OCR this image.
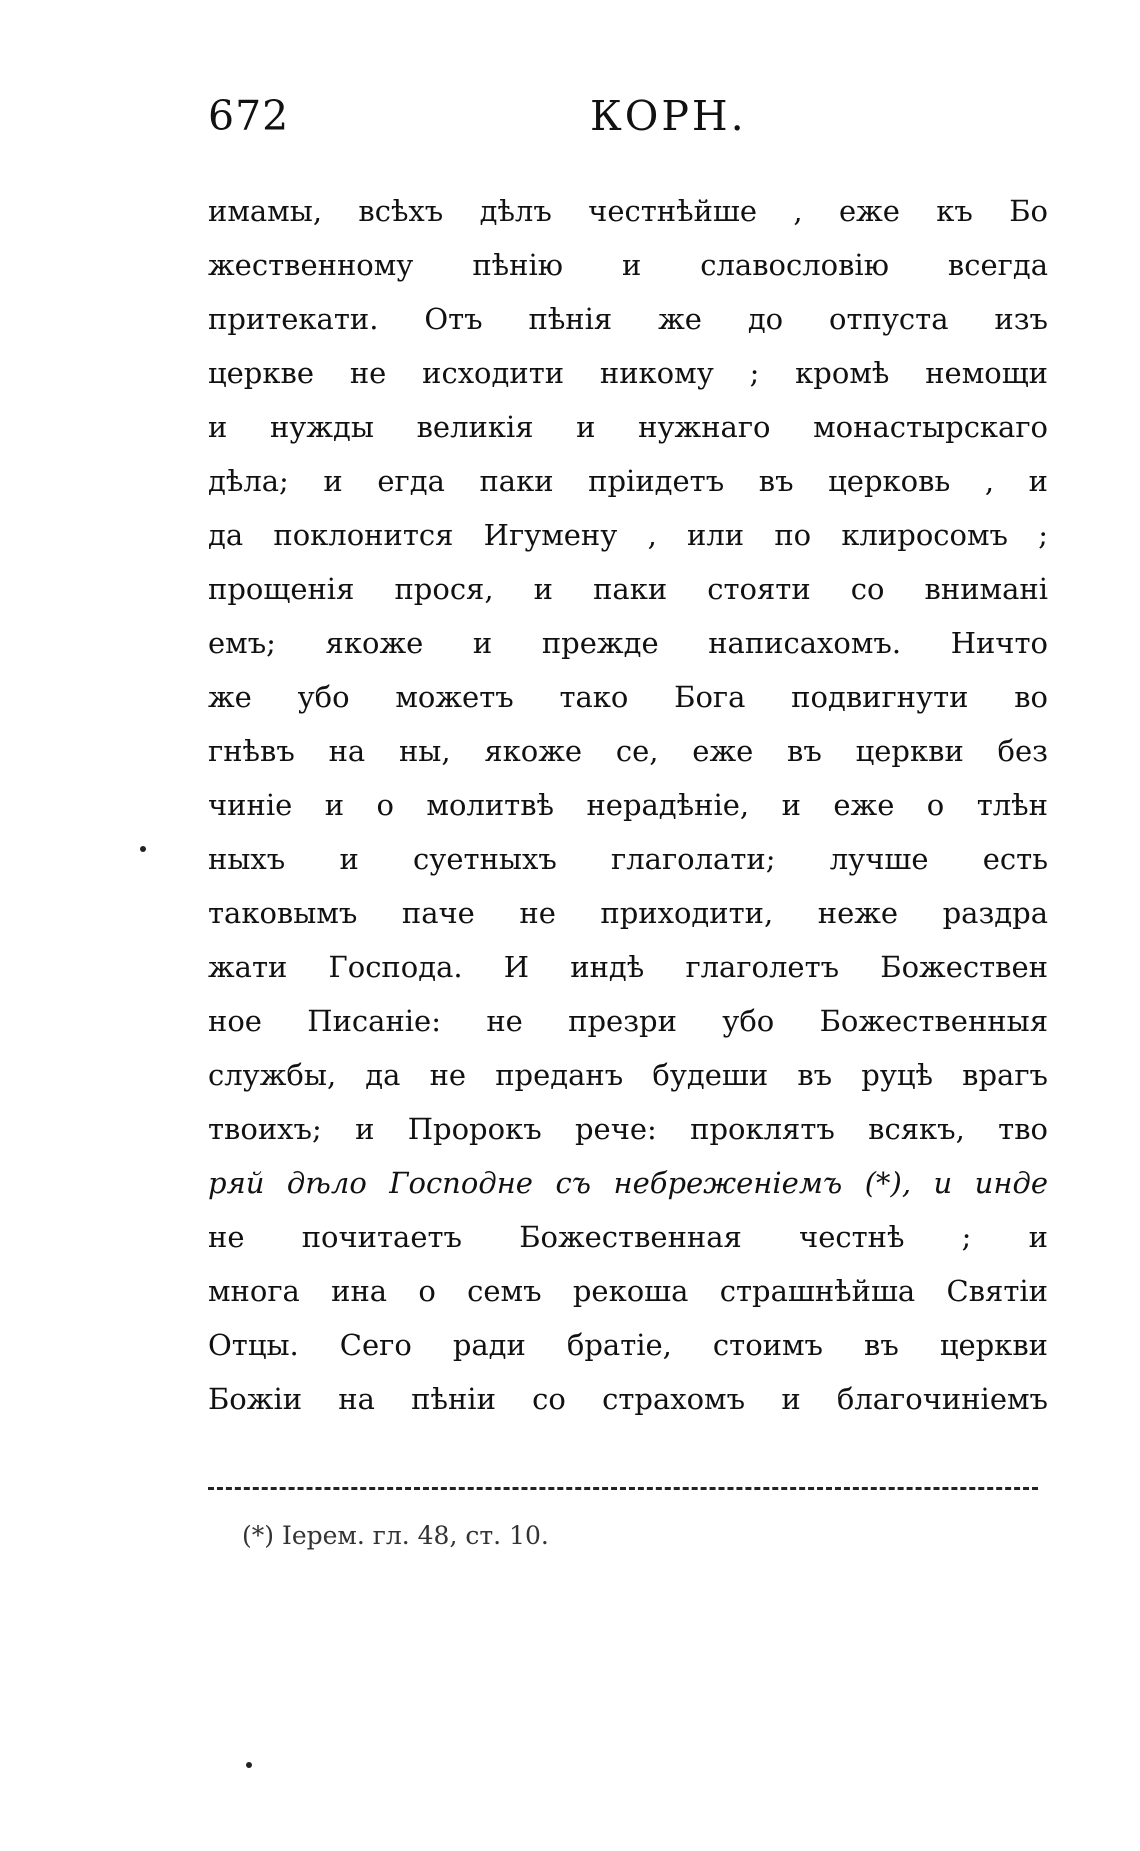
672	КОРН.
имамы, всѣхъ дѣлъ честнѣйше , еже къ Бо
жественному пѣнію и славословію всегда
притекати. Отъ пѣнія же до отпуста изъ
церкве не исходити никому ; кромѣ немощи
и нужды великія и нужнаго монастырскаго
дѣла; и егда паки пріидетъ въ церковь , и
да поклонится Игумену , или по клиросомъ ;
прощенія прося, и паки стояти со внимані
емъ; якоже и прежде написахомъ. Ничто
же убо можетъ тако Бога подвигнути во
гнѣвъ на ны, якоже се, еже въ церкви без
чиніе и о молитвѣ нерадѣніе, и еже о тлѣн
ныхъ и суетныхъ глаголати; лучше есть
таковымъ паче не приходити, неже раздра
жати Господа. И индѣ глаголетъ Божествен
ное Писаніе: не презри убо Божественныя
службы, да не преданъ будеши въ руцѣ врагъ
твоихъ; и Пророкъ рече: проклятъ всякъ, тво
ряй дѣло Господне съ небреженіемъ (*), и инде
не почитаетъ Божественная честнѣ ; и
многа ина о семъ рекоша страшнѣйша Святіи
Отцы. Сего ради братіе, стоимъ въ церкви
Божіи на пѣніи со страхомъ и благочиніемъ
(*) Іерем. гл. 48, ст. 10.
